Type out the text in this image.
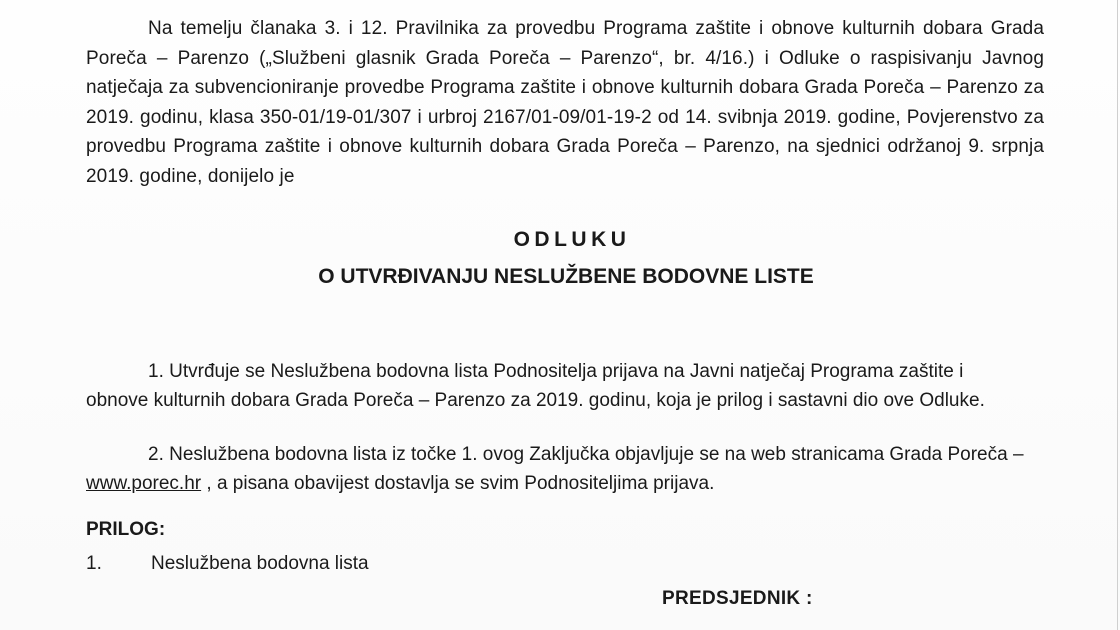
Na temelju članaka 3. i 12. Pravilnika za provedbu Programa zaštite i obnove kulturnih dobara Grada Poreča – Parenzo („Službeni glasnik Grada Poreča – Parenzo“, br. 4/16.) i Odluke o raspisivanju Javnog natječaja za subvencioniranje provedbe Programa zaštite i obnove kulturnih dobara Grada Poreča – Parenzo za 2019. godinu, klasa 350-01/19-01/307 i urbroj 2167/01-09/01-19-2 od 14. svibnja 2019. godine, Povjerenstvo za provedbu Programa zaštite i obnove kulturnih dobara Grada Poreča – Parenzo, na sjednici održanoj 9. srpnja 2019. godine, donijelo je

ODLUKU
O UTVRĐIVANJU NESLUŽBENE BODOVNE LISTE

1. Utvrđuje se Neslužbena bodovna lista Podnositelja prijava na Javni natječaj Programa zaštite i obnove kulturnih dobara Grada Poreča – Parenzo za 2019. godinu, koja je prilog i sastavni dio ove Odluke.

2. Neslužbena bodovna lista iz točke 1. ovog Zaključka objavljuje se na web stranicama Grada Poreča – www.porec.hr , a pisana obavijest dostavlja se svim Podnositeljima prijava.

PRILOG:

1.	Neslužbena bodovna lista

PREDSJEDNIK :
